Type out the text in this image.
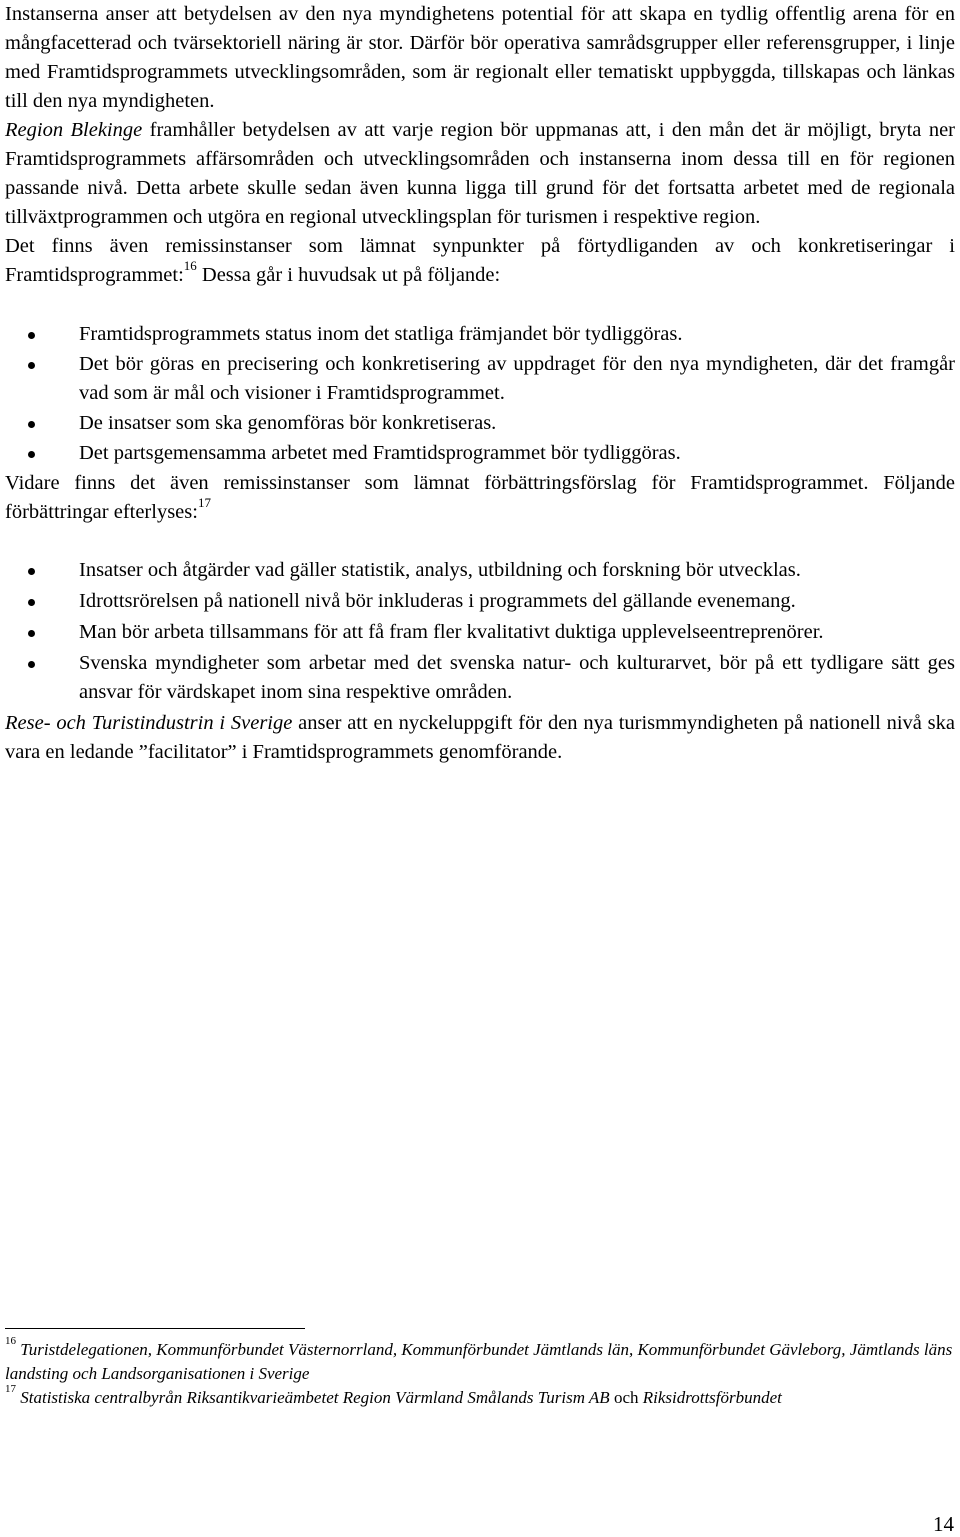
Instanserna anser att betydelsen av den nya myndighetens potential för att skapa en tydlig offentlig arena för en mångfacetterad och tvärsektoriell näring är stor. Därför bör operativa samrådsgrupper eller referensgrupper, i linje med Framtidsprogrammets utvecklingsområden, som är regionalt eller tematiskt uppbyggda, tillskapas och länkas till den nya myndigheten.

Region Blekinge framhåller betydelsen av att varje region bör uppmanas att, i den mån det är möjligt, bryta ner Framtidsprogrammets affärsområden och utvecklingsområden och instanserna inom dessa till en för regionen passande nivå. Detta arbete skulle sedan även kunna ligga till grund för det fortsatta arbetet med de regionala tillväxtprogrammen och utgöra en regional utvecklingsplan för turismen i respektive region.

Det finns även remissinstanser som lämnat synpunkter på förtydliganden av och konkretiseringar i Framtidsprogrammet:$^{16}$ Dessa går i huvudsak ut på följande:

Framtidsprogrammets status inom det statliga främjandet bör tydliggöras.
Det bör göras en precisering och konkretisering av uppdraget för den nya myndigheten, där det framgår vad som är mål och visioner i Framtidsprogrammet.
De insatser som ska genomföras bör konkretiseras.
Det partsgemensamma arbetet med Framtidsprogrammet bör tydliggöras.

Vidare finns det även remissinstanser som lämnat förbättringsförslag för Framtidsprogrammet. Följande förbättringar efterlyses:$^{17}$

Insatser och åtgärder vad gäller statistik, analys, utbildning och forskning bör utvecklas.
Idrottsrörelsen på nationell nivå bör inkluderas i programmets del gällande evenemang.
Man bör arbeta tillsammans för att få fram fler kvalitativt duktiga upplevelseentreprenörer.
Svenska myndigheter som arbetar med det svenska natur- och kulturarvet, bör på ett tydligare sätt ges ansvar för värdskapet inom sina respektive områden.

Rese- och Turistindustrin i Sverige anser att en nyckeluppgift för den nya turismmyndigheten på nationell nivå ska vara en ledande ”facilitator” i Framtidsprogrammets genomförande.

$^{16}$ Turistdelegationen, Kommunförbundet Västernorrland, Kommunförbundet Jämtlands län, Kommunförbundet Gävleborg, Jämtlands läns landsting och Landsorganisationen i Sverige

$^{17}$ Statistiska centralbyrån Riksantikvarieämbetet Region Värmland Smålands Turism AB och Riksidrottsförbundet

14
